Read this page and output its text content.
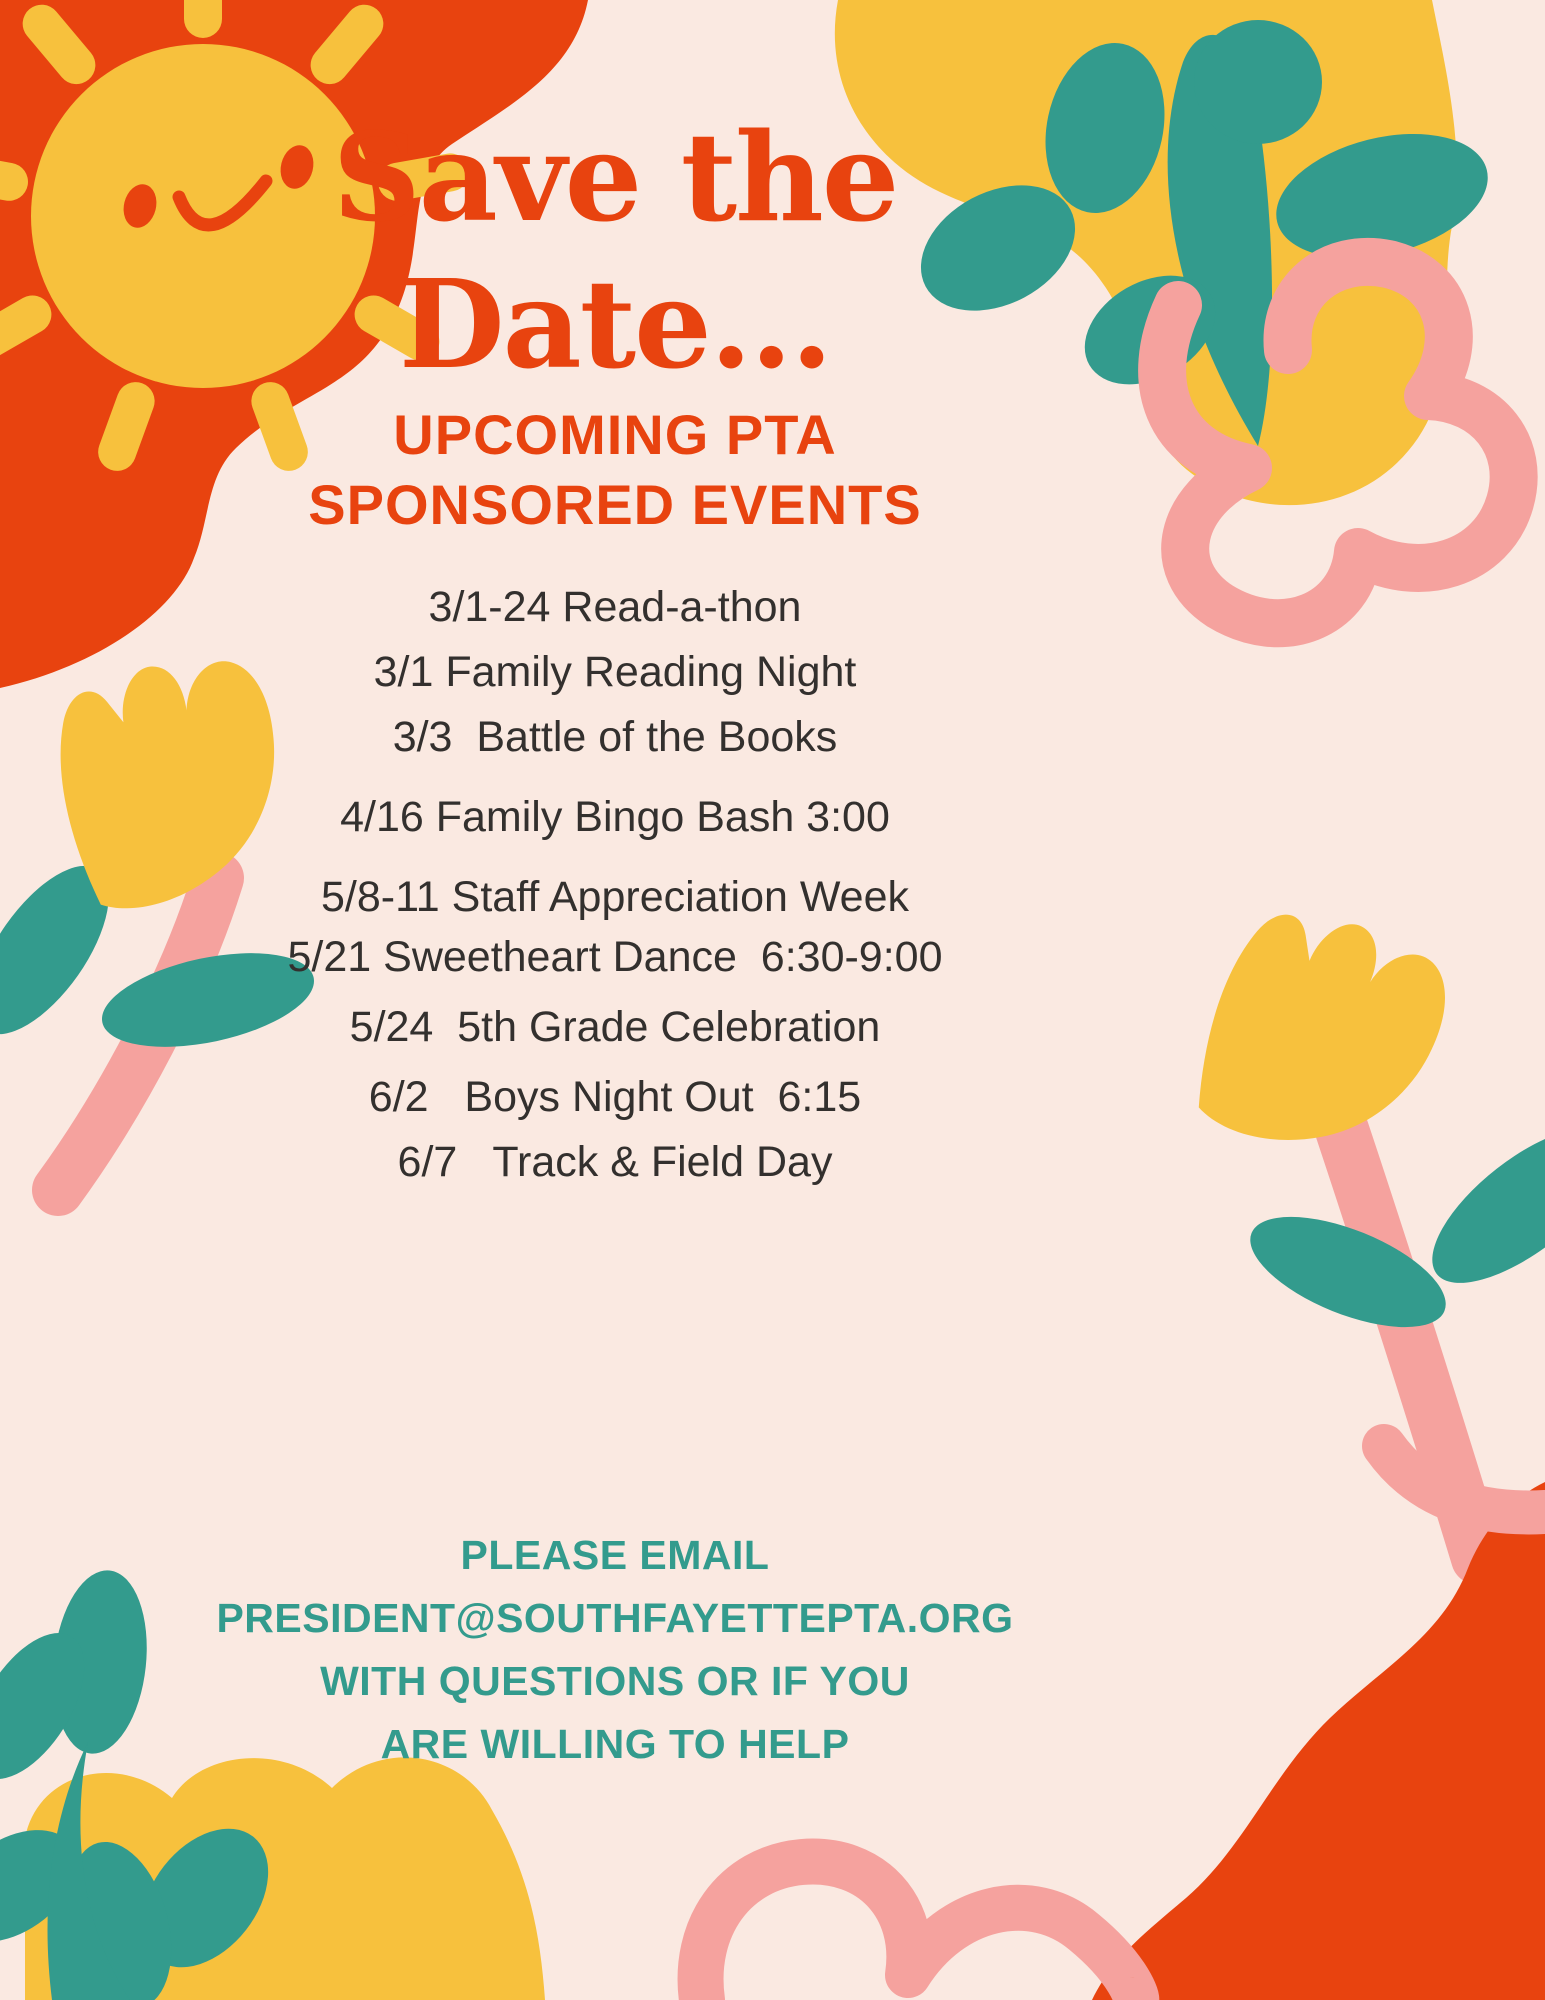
Save the
Date...
UPCOMING PTA
SPONSORED EVENTS
3/1-24 Read-a-thon
3/1 Family Reading Night
3/3  Battle of the Books
4/16 Family Bingo Bash 3:00
5/8-11 Staff Appreciation Week
5/21 Sweetheart Dance  6:30-9:00
5/24  5th Grade Celebration
6/2   Boys Night Out  6:15
6/7   Track & Field Day
PLEASE EMAIL
PRESIDENT@SOUTHFAYETTEPTA.ORG
WITH QUESTIONS OR IF YOU
ARE WILLING TO HELP
